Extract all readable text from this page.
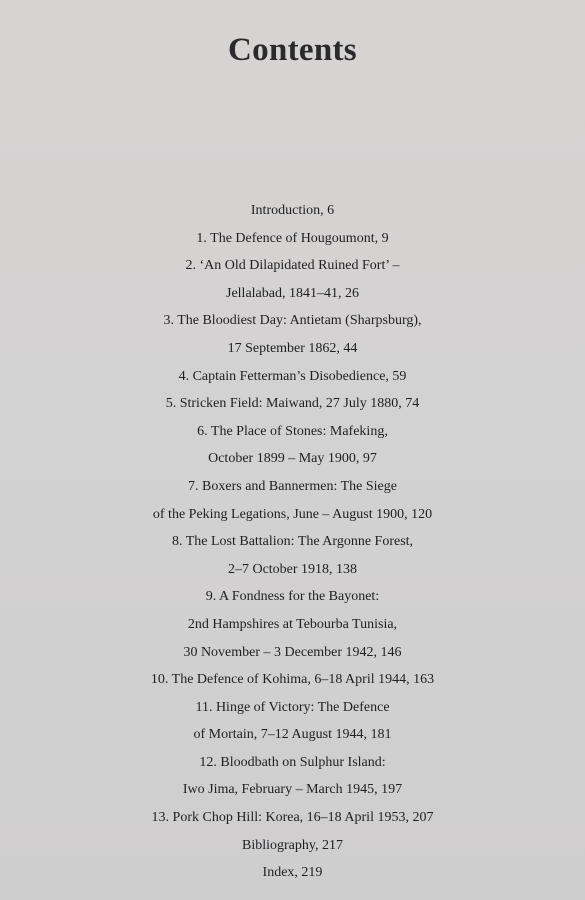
Contents
Introduction, 6
1. The Defence of Hougoumont, 9
2. ‘An Old Dilapidated Ruined Fort’ –
Jellalabad, 1841–41, 26
3. The Bloodiest Day: Antietam (Sharpsburg),
17 September 1862, 44
4. Captain Fetterman’s Disobedience, 59
5. Stricken Field: Maiwand, 27 July 1880, 74
6. The Place of Stones: Mafeking,
October 1899 – May 1900, 97
7. Boxers and Bannermen: The Siege
of the Peking Legations, June – August 1900, 120
8. The Lost Battalion: The Argonne Forest,
2–7 October 1918, 138
9. A Fondness for the Bayonet:
2nd Hampshires at Tebourba Tunisia,
30 November – 3 December 1942, 146
10. The Defence of Kohima, 6–18 April 1944, 163
11. Hinge of Victory: The Defence
of Mortain, 7–12 August 1944, 181
12. Bloodbath on Sulphur Island:
Iwo Jima, February – March 1945, 197
13. Pork Chop Hill: Korea, 16–18 April 1953, 207
Bibliography, 217
Index, 219
